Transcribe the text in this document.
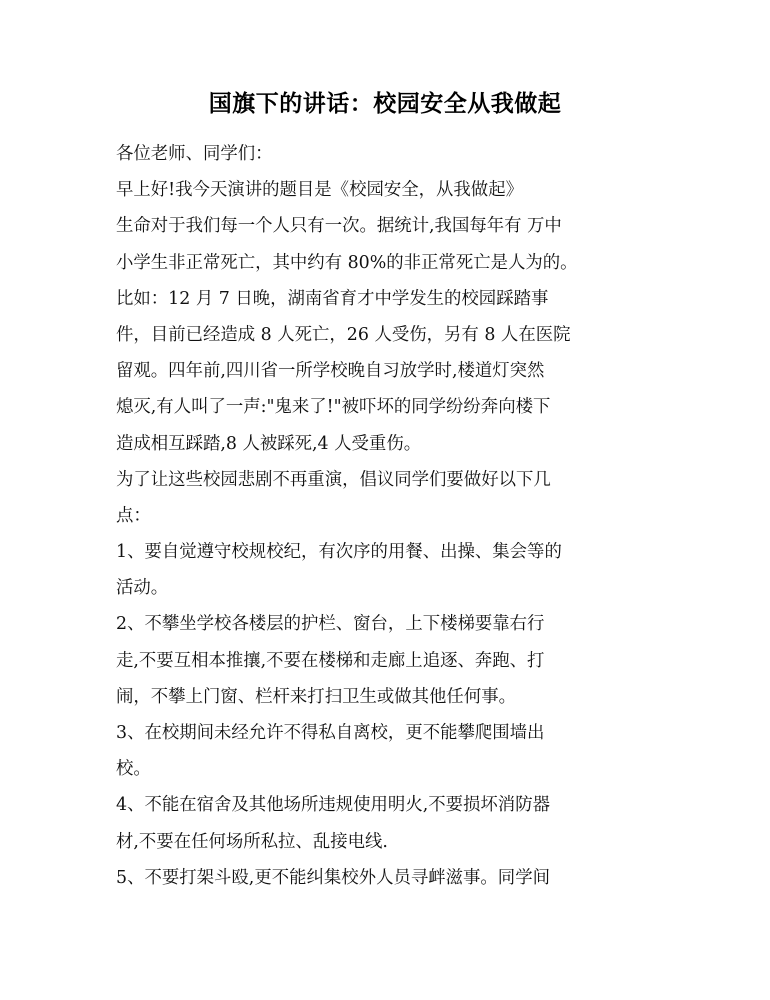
国旗下的讲话：校园安全从我做起
各位老师、同学们：
早上好!我今天演讲的题目是《校园安全，从我做起》
生命对于我们每一个人只有一次。据统计,我国每年有 万中
小学生非正常死亡，其中约有 80%的非正常死亡是人为的。
比如：12 月 7 日晚，湖南省育才中学发生的校园踩踏事
件，目前已经造成 8 人死亡，26 人受伤，另有 8 人在医院
留观。四年前,四川省一所学校晚自习放学时,楼道灯突然
熄灭,有人叫了一声:"鬼来了!"被吓坏的同学纷纷奔向楼下
造成相互踩踏,8 人被踩死,4 人受重伤。
为了让这些校园悲剧不再重演，倡议同学们要做好以下几
点：
1、要自觉遵守校规校纪，有次序的用餐、出操、集会等的
活动。
2、不攀坐学校各楼层的护栏、窗台，上下楼梯要靠右行
走,不要互相本推攘,不要在楼梯和走廊上追逐、奔跑、打
闹，不攀上门窗、栏杆来打扫卫生或做其他任何事。
3、在校期间未经允许不得私自离校，更不能攀爬围墙出
校。
4、不能在宿舍及其他场所违规使用明火,不要损坏消防器
材,不要在任何场所私拉、乱接电线.
5、不要打架斗殴,更不能纠集校外人员寻衅滋事。同学间
